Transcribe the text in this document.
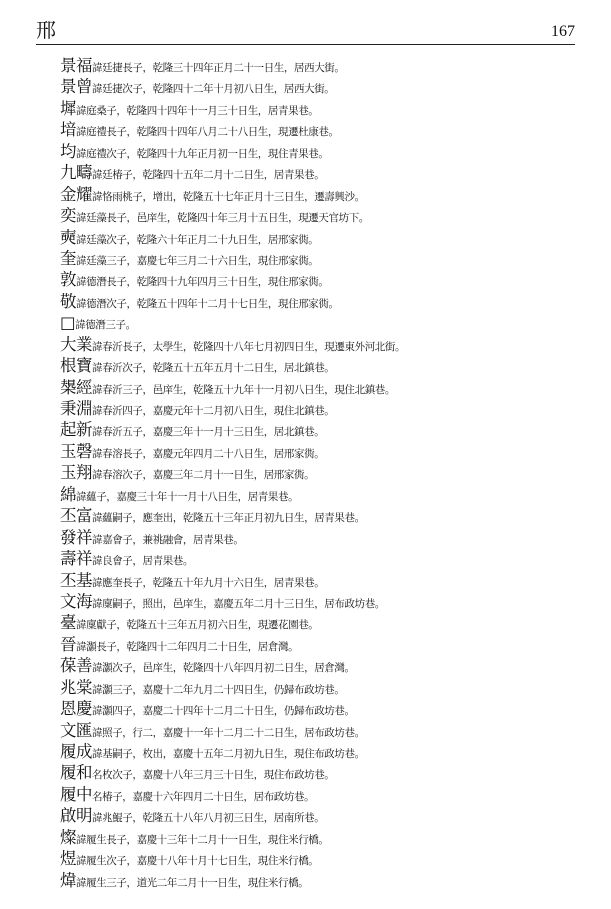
邢	167
景福諱廷捷長子，乾隆三十四年正月二十一日生，居西大街。
景曾諱廷捷次子，乾隆四十二年十月初八日生，居西大街。
墀諱庭桑子，乾隆四十四年十一月三十日生，居青果巷。
堷諱庭禮長子，乾隆四十四年八月二十八日生，現遷杜康巷。
均諱庭禮次子，乾隆四十九年正月初一日生，現住青果巷。
九疇諱廷椿子，乾隆四十五年二月十二日生，居青果巷。
金耀諱恪雨桃子，增出，乾隆五十七年正月十三日生，遷壽興沙。
奕諱廷藻長子，邑庠生，乾隆四十年三月十五日生，現遷天官坊下。
奭諱廷藻次子，乾隆六十年正月二十九日生，居邢家衖。
奎諱廷藻三子，嘉慶七年三月二十六日生，現住邢家衖。
敦諱德潛長子，乾隆四十九年四月三十日生，現住邢家衖。
敬諱德潛次子，乾隆五十四年十二月十七日生，現住邢家衖。
□諱德潛三子。
大業諱春沂長子，太學生，乾隆四十八年七月初四日生，現遷東外河北街。
根寶諱春沂次子，乾隆五十五年五月十二日生，居北鎮巷。
槼經諱春沂三子，邑庠生，乾隆五十九年十一月初八日生，現住北鎮巷。
秉淵諱春沂四子，嘉慶元年十二月初八日生，現住北鎮巷。
起新諱春沂五子，嘉慶三年十一月十三日生，居北鎮巷。
玉磬諱春溶長子，嘉慶元年四月二十八日生，居邢家衖。
玉翔諱春溶次子，嘉慶三年二月十一日生，居邢家衖。
綿諱蘊子，嘉慶三十年十一月十八日生，居青果巷。
丕富諱蘊嗣子，應奎出，乾隆五十三年正月初九日生，居青果巷。
發祥諱嘉會子，兼祧融會，居青果巷。
壽祥諱良會子，居青果巷。
丕基諱應奎長子，乾隆五十年九月十六日生，居青果巷。
文海諱廩嗣子，照出，邑庠生，嘉慶五年二月十三日生，居布政坊巷。
臺諱廩獻子，乾隆五十三年五月初六日生，現遷花園巷。
晉諱灝長子，乾隆四十二年四月二十日生，居倉灣。
葆善諱灝次子，邑庠生，乾隆四十八年四月初二日生，居倉灣。
兆棠諱灝三子，嘉慶十二年九月二十四日生，仍歸布政坊巷。
恩慶諱灝四子，嘉慶二十四年十二月二十日生，仍歸布政坊巷。
文匯諱照子，行二，嘉慶十一年十二月二十二日生，居布政坊巷。
履成諱基嗣子，枚出，嘉慶十五年二月初九日生，現住布政坊巷。
履和名枚次子，嘉慶十八年三月三十日生，現住布政坊巷。
履中名椿子，嘉慶十六年四月二十日生，居布政坊巷。
啟明諱兆鯤子，乾隆五十八年八月初三日生，居南所巷。
燦諱履生長子，嘉慶十三年十二月十一日生，現住米行橋。
煜諱履生次子，嘉慶十八年十月十七日生，現住米行橋。
煒諱履生三子，道光二年二月十一日生，現住米行橋。
